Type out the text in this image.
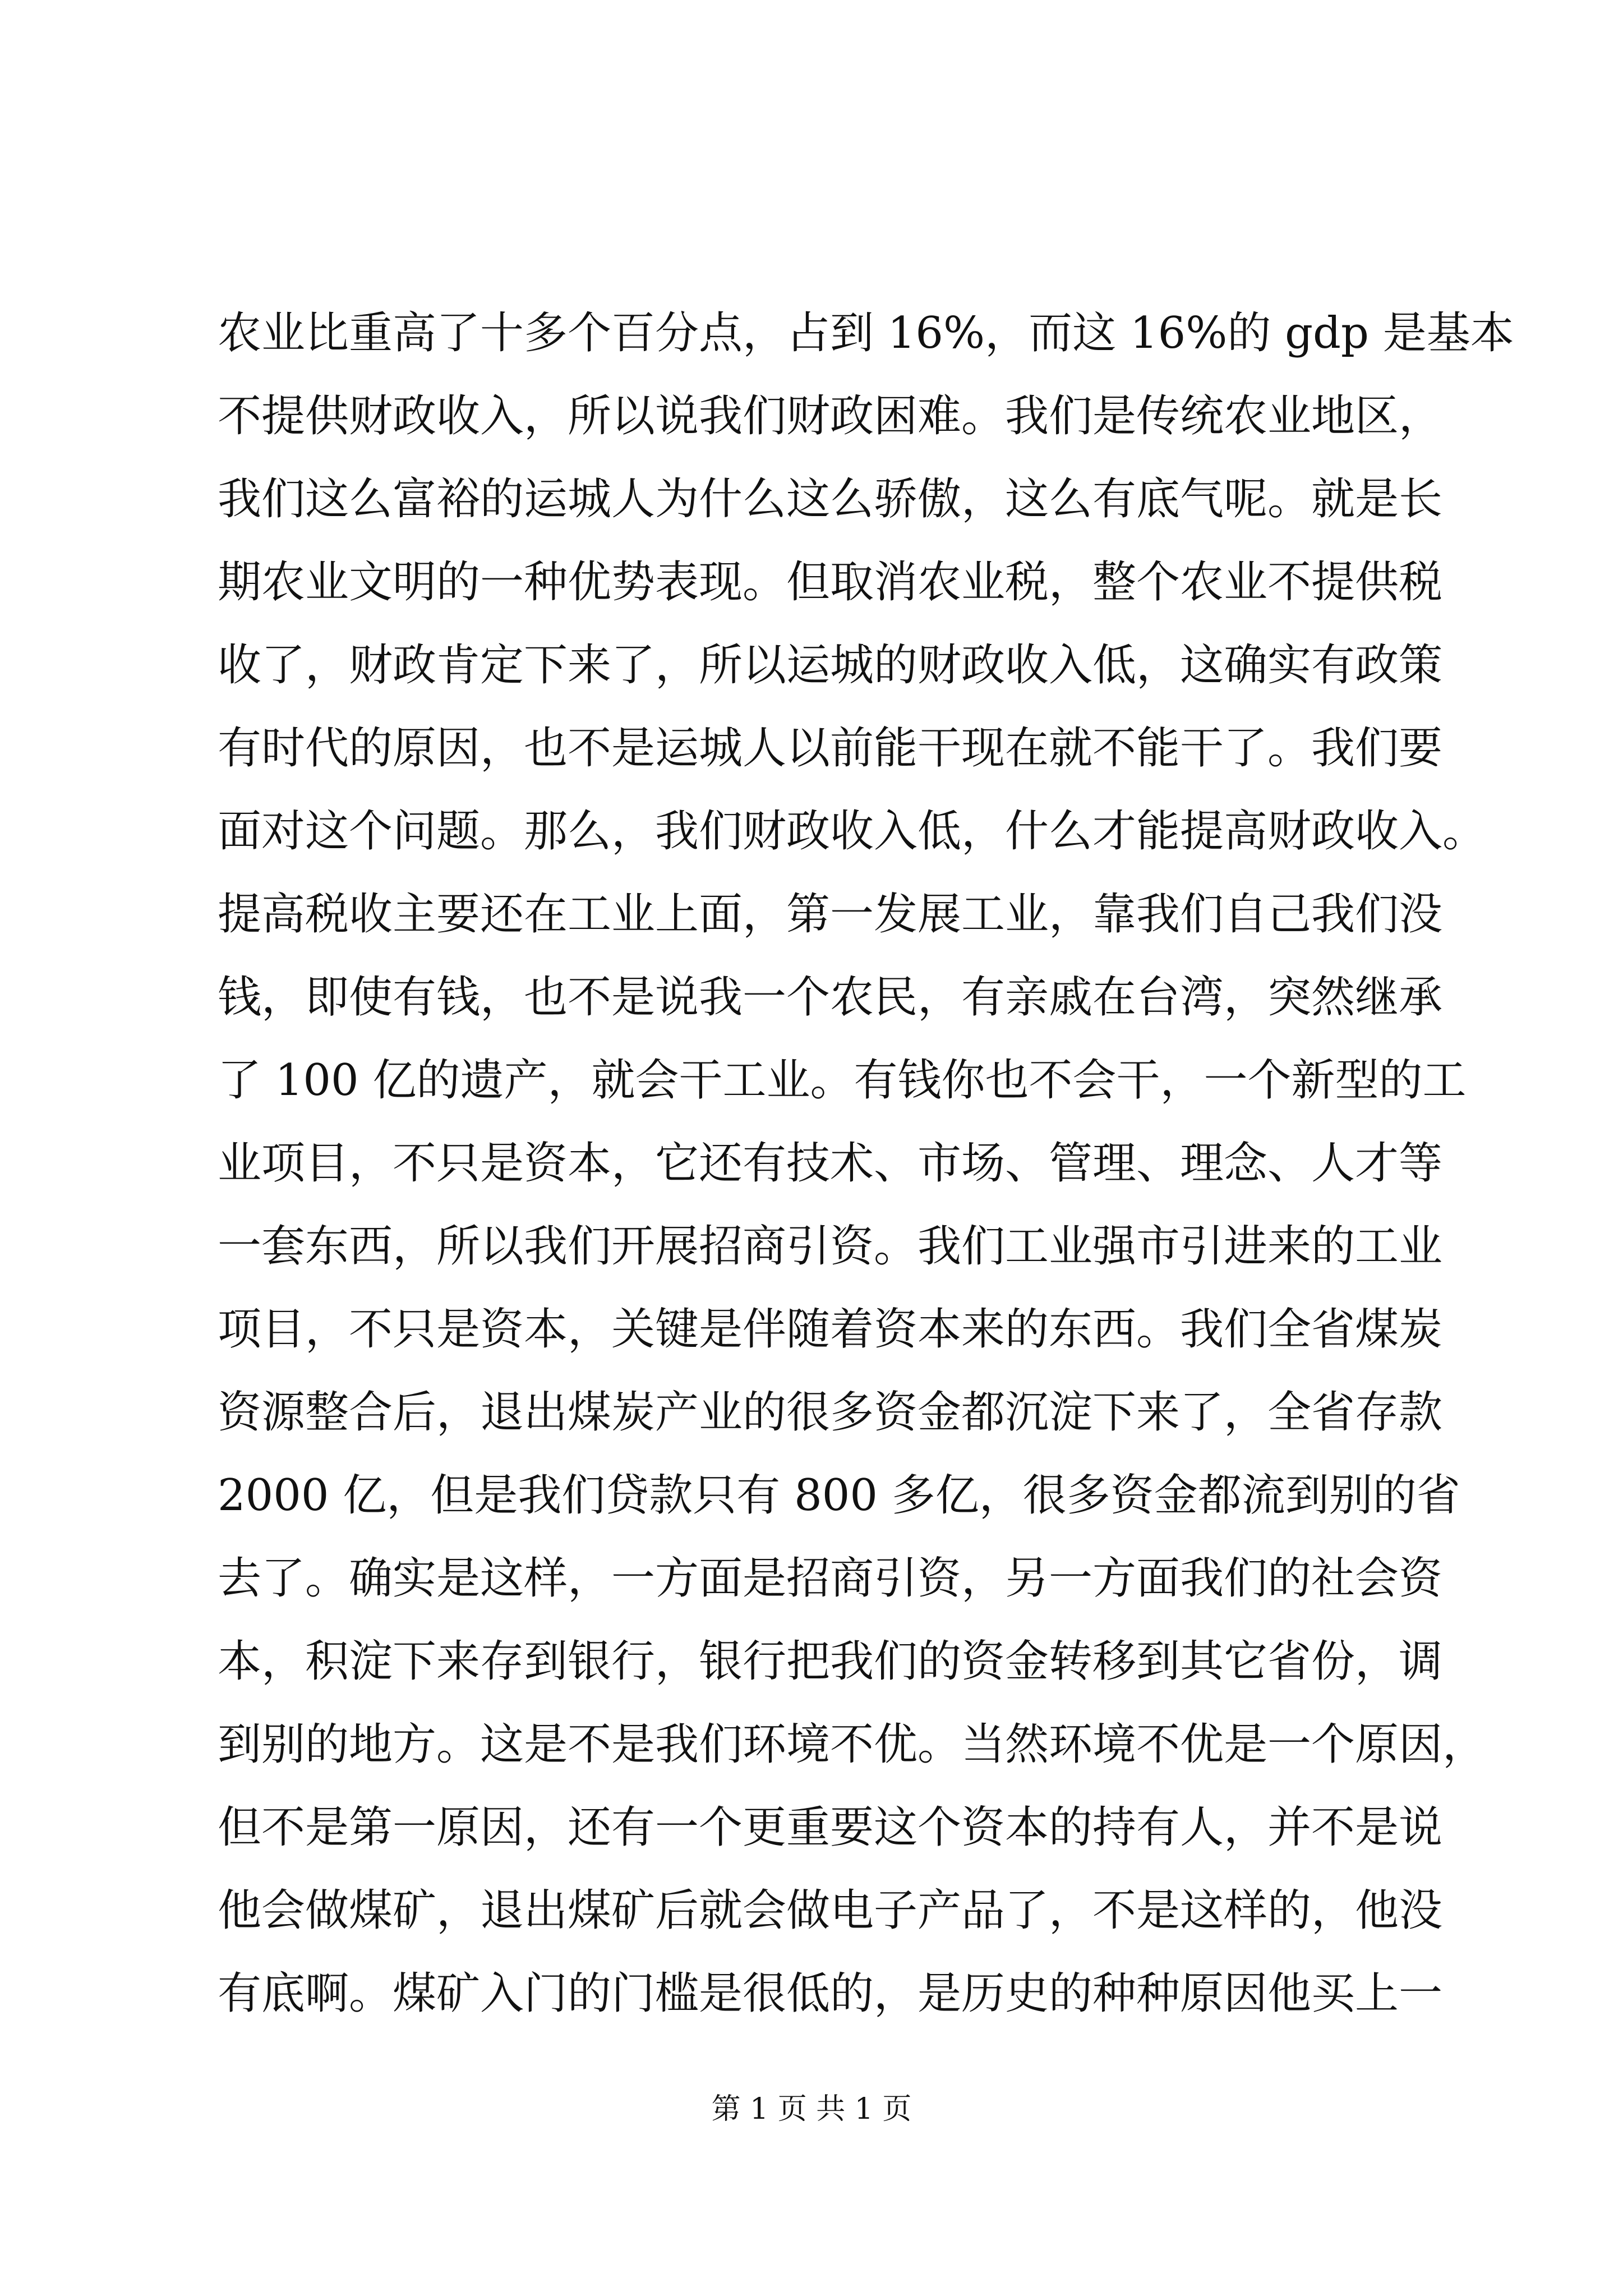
农业比重高了十多个百分点，占到 16%，而这 16%的 gdp 是基本
不提供财政收入，所以说我们财政困难。我们是传统农业地区，
我们这么富裕的运城人为什么这么骄傲，这么有底气呢。就是长
期农业文明的一种优势表现。但取消农业税，整个农业不提供税
收了，财政肯定下来了，所以运城的财政收入低，这确实有政策
有时代的原因，也不是运城人以前能干现在就不能干了。我们要
面对这个问题。那么，我们财政收入低，什么才能提高财政收入。
提高税收主要还在工业上面，第一发展工业，靠我们自己我们没
钱，即使有钱，也不是说我一个农民，有亲戚在台湾，突然继承
了 100 亿的遗产，就会干工业。有钱你也不会干，一个新型的工
业项目，不只是资本，它还有技术、市场、管理、理念、人才等
一套东西，所以我们开展招商引资。我们工业强市引进来的工业
项目，不只是资本，关键是伴随着资本来的东西。我们全省煤炭
资源整合后，退出煤炭产业的很多资金都沉淀下来了，全省存款
2000 亿，但是我们贷款只有 800 多亿，很多资金都流到别的省
去了。确实是这样，一方面是招商引资，另一方面我们的社会资
本，积淀下来存到银行，银行把我们的资金转移到其它省份，调
到别的地方。这是不是我们环境不优。当然环境不优是一个原因，
但不是第一原因，还有一个更重要这个资本的持有人，并不是说
他会做煤矿，退出煤矿后就会做电子产品了，不是这样的，他没
有底啊。煤矿入门的门槛是很低的，是历史的种种原因他买上一
第 1 页 共 1 页
